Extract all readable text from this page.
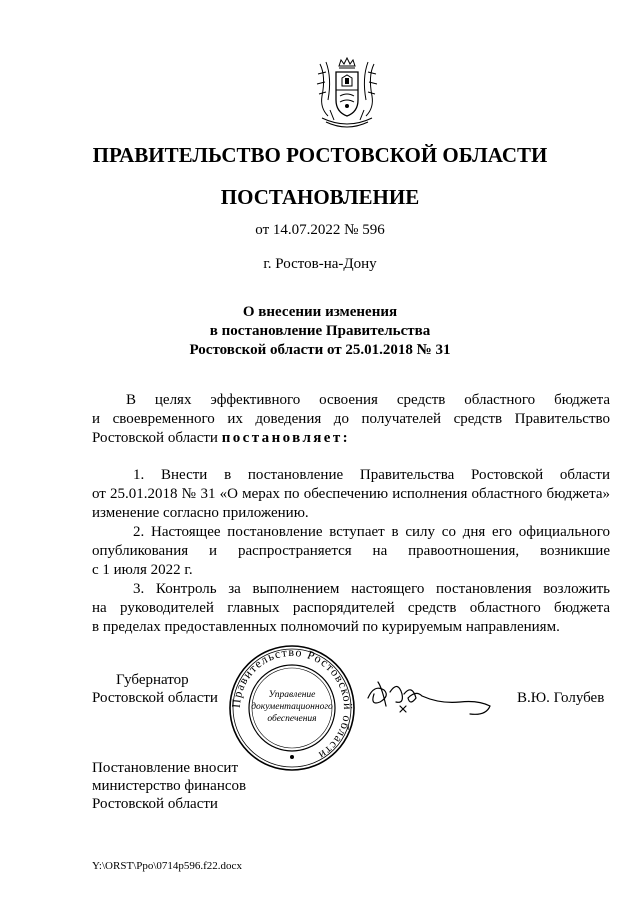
ПРАВИТЕЛЬСТВО РОСТОВСКОЙ ОБЛАСТИ
ПОСТАНОВЛЕНИЕ
от 14.07.2022 № 596
г. Ростов-на-Дону
О внесении изменения
в постановление Правительства
Ростовской области от 25.01.2018 № 31
В целях эффективного освоения средств областного бюджета
и своевременного их доведения до получателей средств Правительство
Ростовской области постановляет:
1. Внести в постановление Правительства Ростовской области
от 25.01.2018 № 31 «О мерах по обеспечению исполнения областного бюджета»
изменение согласно приложению.
2. Настоящее постановление вступает в силу со дня его официального
опубликования и распространяется на правоотношения, возникшие
с 1 июля 2022 г.
3. Контроль за выполнением настоящего постановления возложить
на руководителей главных распорядителей средств областного бюджета
в пределах предоставленных полномочий по курируемым направлениям.
Губернатор
Ростовской области Правительство Ростовской области
Управление
документационного
обеспечения
В.Ю. Голубев
Постановление вносит
министерство финансов
Ростовской области
Y:\ORST\Ppo\0714p596.f22.docx
